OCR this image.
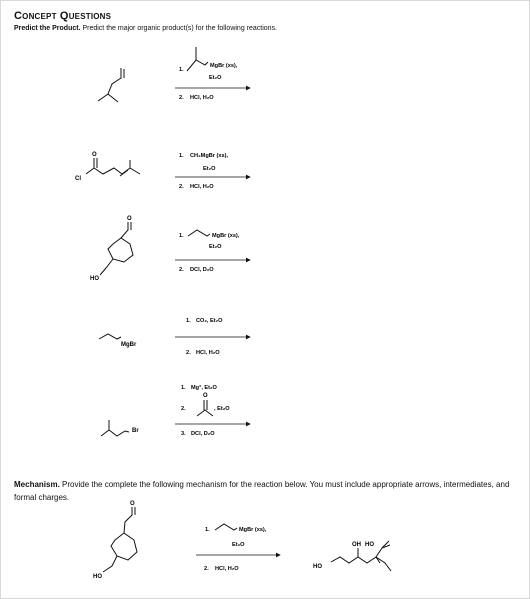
Concept Questions
Predict the Product. Predict the major organic product(s) for the following reactions.
1.
MgBr (xs),
Et₂O
2. HCl, H₂O
O
Cl
1. CH₃MgBr (xs),
Et₂O
2. HCl, H₂O
O
HO
1.	MgBr (xs),
Et₂O
2. DCl, D₂O
MgBr
1. CO₂, Et₂O
2. HCl, H₂O
Br
1. Mg°, Et₂O
2.
O
, Et₂O
3. DCl, D₂O
O
HO
1.	MgBr (xs),
Et₂O
2. HCl, H₂O	HO
OH HO
Mechanism. Provide the complete the following mechanism for the reaction below. You must include appropriate arrows, intermediates, and formal charges.
